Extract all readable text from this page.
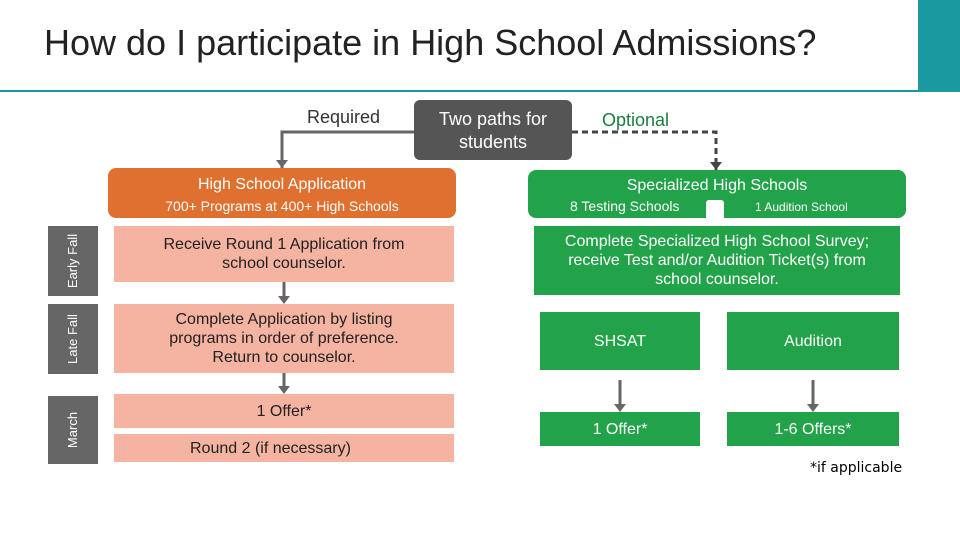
How do I participate in High School Admissions?
Required	Two paths for students
Optional
High School Application
700+ Programs at 400+ High Schools
Specialized High Schools
8 Testing Schools	1 Audition School
Early Fall
Late Fall
March
Receive Round 1 Application from school counselor.
Complete Application by listing programs in order of preference. Return to counselor.
1 Offer*
Round 2 (if necessary)
Complete Specialized High School Survey; receive Test and/or Audition Ticket(s) from school counselor.
SHSAT	Audition
1 Offer*	1-6 Offers*
*if applicable
